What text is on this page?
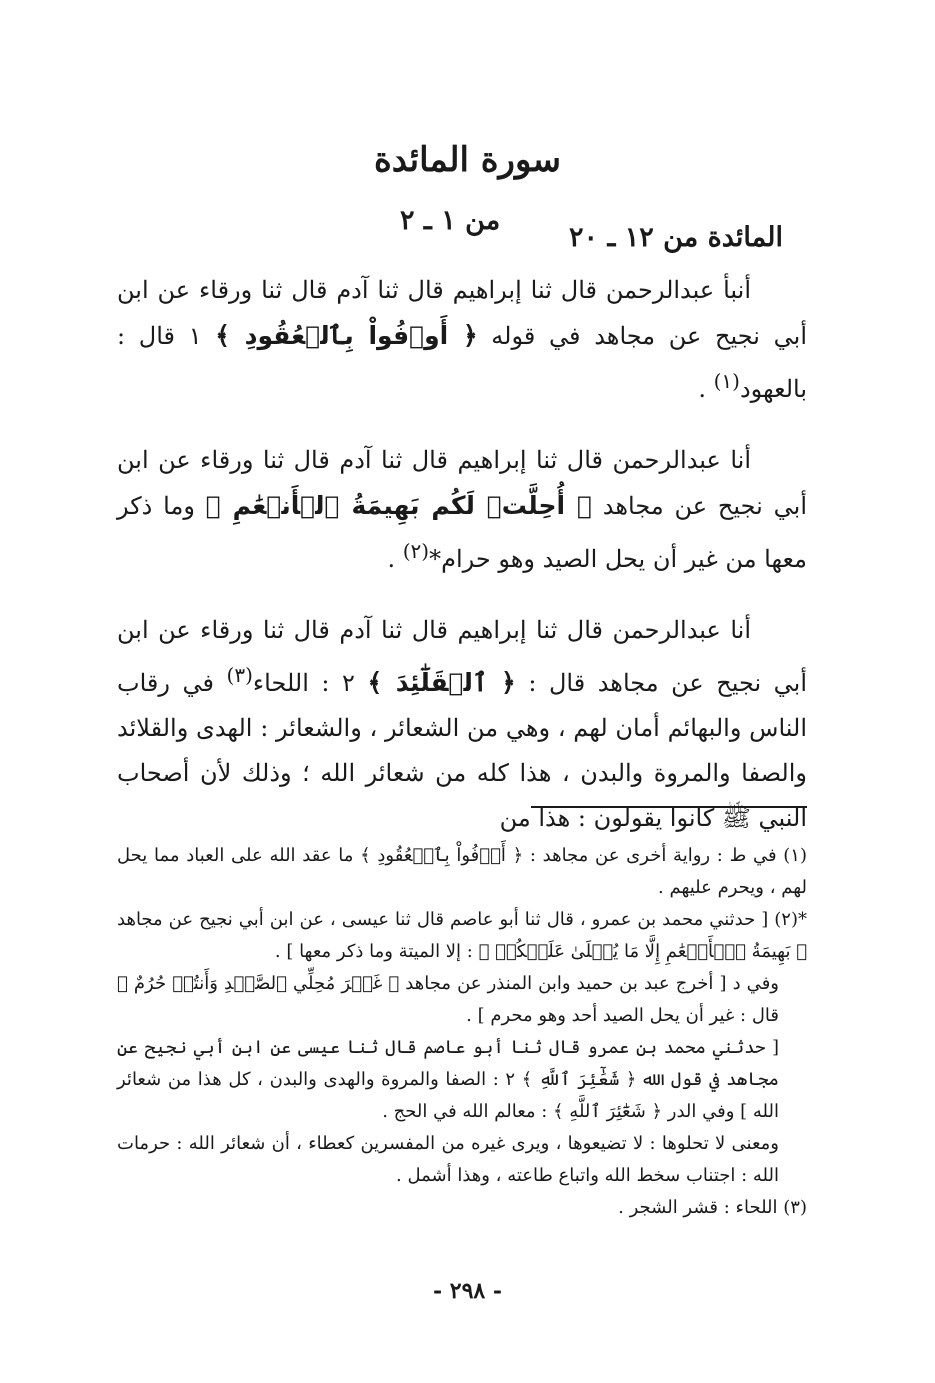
سورة المائدة
من ١ ـ ٢
المائدة من ١٢ ـ ٢٠

أنبأ عبدالرحمن قال ثنا إبراهيم قال ثنا آدم قال ثنا ورقاء عن ابن أبي نجيح عن مجاهد في قوله ﴿ أَوۡفُواْ بِٱلۡعُقُودِ ﴾ ١ قال : بالعهود$^{(١)}$ .

أنا عبدالرحمن قال ثنا إبراهيم قال ثنا آدم قال ثنا ورقاء عن ابن أبي نجيح عن مجاهد ﴿ أُحِلَّتۡ لَكُم بَهِيمَةُ ٱلۡأَنۡعَٰمِ ﴾ وما ذكر معها من غير أن يحل الصيد وهو حرام*$^{(٢)}$ .

أنا عبدالرحمن قال ثنا إبراهيم قال ثنا آدم قال ثنا ورقاء عن ابن أبي نجيح عن مجاهد قال : ﴿ ٱلۡقَلَٰٓئِدَ ﴾ ٢ : اللحاء$^{(٣)}$ في رقاب الناس والبهائم أمان لهم ، وهي من الشعائر ، والشعائر : الهدى والقلائد والصفا والمروة والبدن ، هذا كله من شعائر الله ؛ وذلك لأن أصحاب النبي ﷺ كانوا يقولون : هذا من

(١) في ط : رواية أخرى عن مجاهد : ﴿ أَوۡفُواْ بِٱلۡعُقُودِ ﴾ ما عقد الله على العباد مما يحل لهم ، ويحرم عليهم .

*(٢) [ حدثني محمد بن عمرو ، قال ثنا أبو عاصم قال ثنا عيسى ، عن ابن أبي نجيح عن مجاهد ﴿ بَهِيمَةُ ٱلۡأَنۡعَٰمِ إِلَّا مَا يُتۡلَىٰ عَلَيۡكُمۡ ﴾ : إلا الميتة وما ذكر معها ] .

وفي د [ أخرج عبد بن حميد وابن المنذر عن مجاهد ﴿ غَيۡرَ مُحِلِّي ٱلصَّيۡدِ وَأَنتُمۡ حُرُمٌ ﴾ قال : غير أن يحل الصيد أحد وهو محرم ] .

[ حدثني محمد بن عمرو قال ثنا أبو عاصم قال ثنا عيسى عن ابن أبي نجيح عن مجاهد في قول الله ﴿ شَعَٰٓئِرَ ٱللَّهِ ﴾ ٢ : الصفا والمروة والهدى والبدن ، كل هذا من شعائر الله ] وفي الدر ﴿ شَعَٰٓئِرَ ٱللَّهِ ﴾ : معالم الله في الحج .

ومعنى لا تحلوها : لا تضيعوها ، ويرى غيره من المفسرين كعطاء ، أن شعائر الله : حرمات الله : اجتناب سخط الله واتباع طاعته ، وهذا أشمل .

(٣) اللحاء : قشر الشجر .

- ٢٩٨ -
